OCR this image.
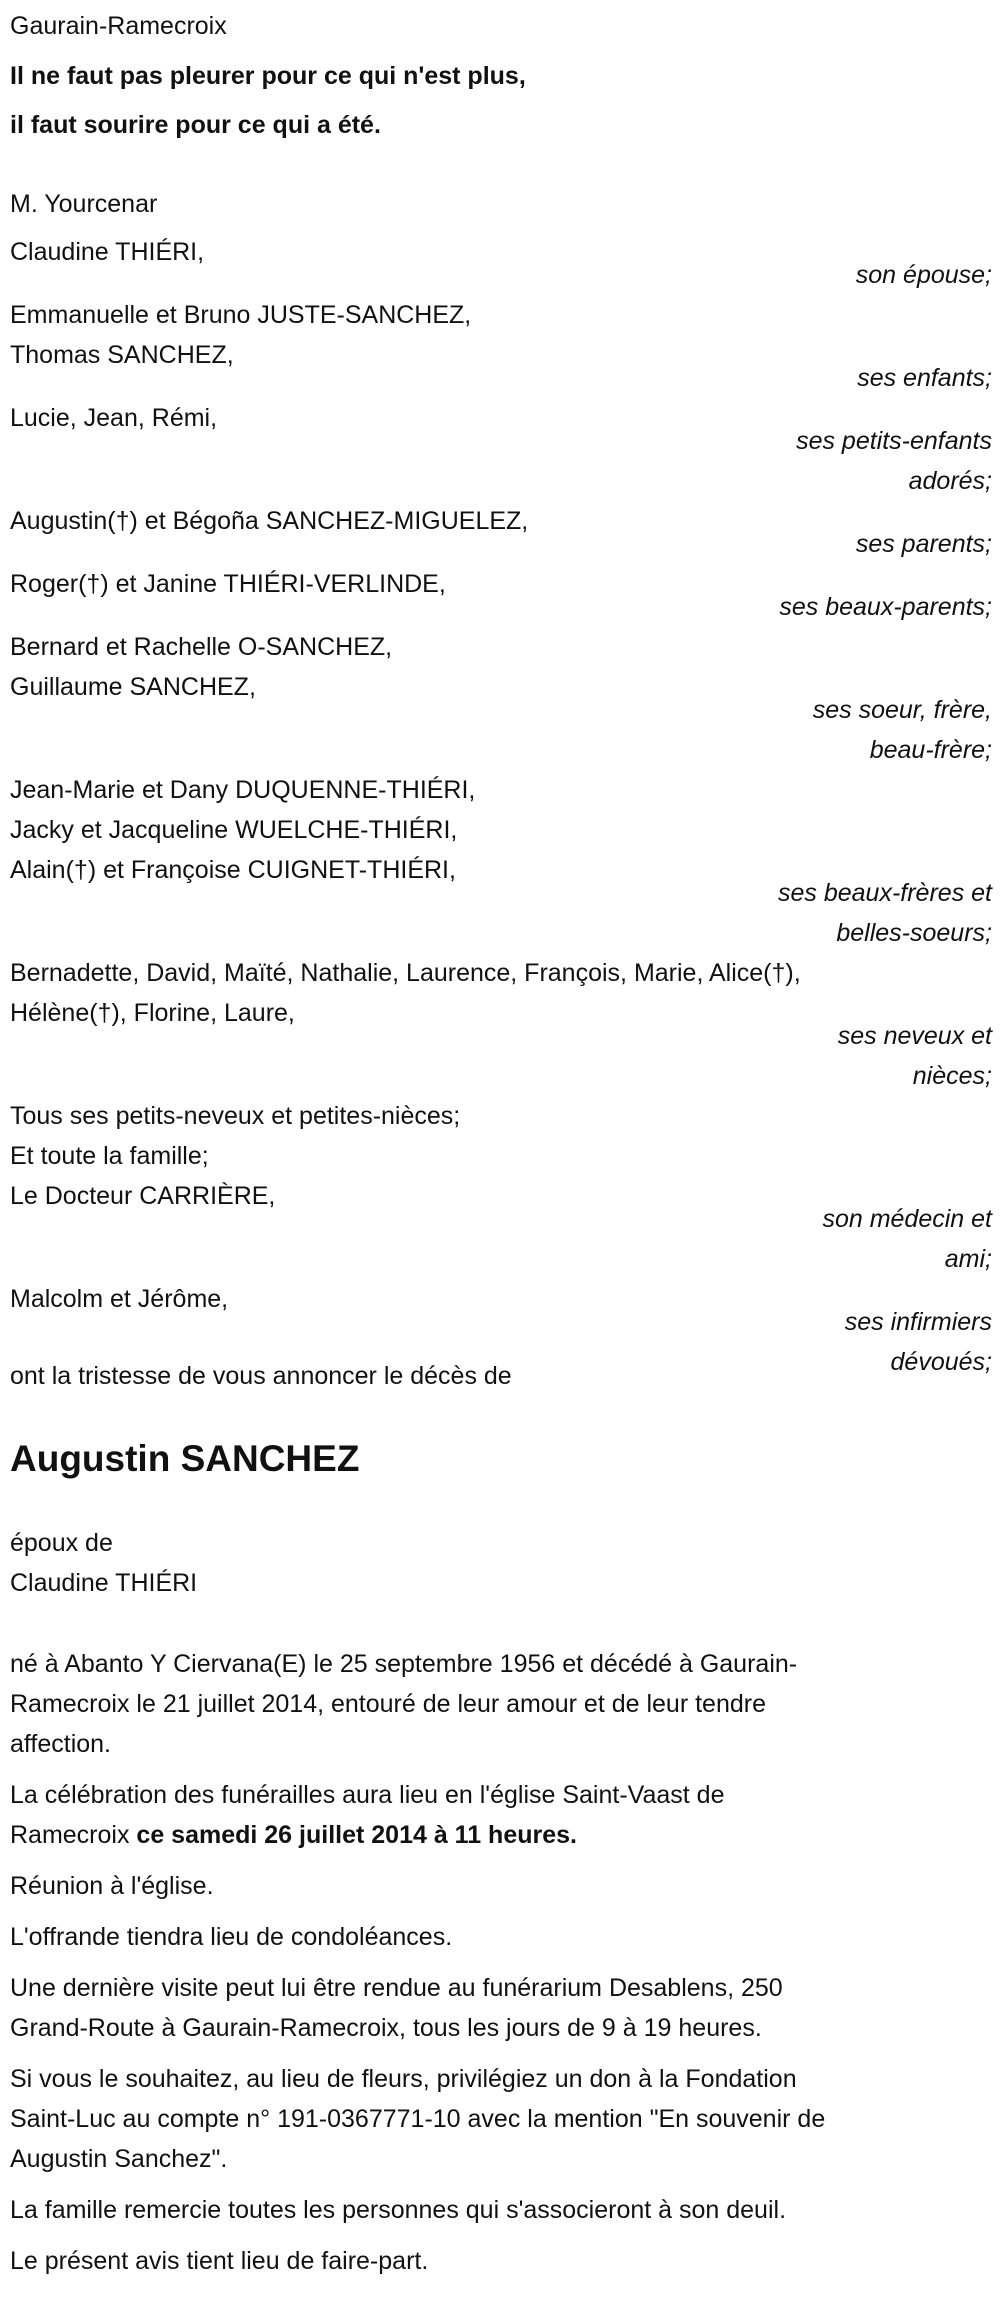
Gaurain-Ramecroix
Il ne faut pas pleurer pour ce qui n'est plus,
il faut sourire pour ce qui a été.
M. Yourcenar
Claudine THIÉRI,
son épouse;
Emmanuelle et Bruno JUSTE-SANCHEZ,
Thomas SANCHEZ,
ses enfants;
Lucie, Jean, Rémi,
ses petits-enfants
adorés;
Augustin(†) et Bégoña SANCHEZ-MIGUELEZ,
ses parents;
Roger(†) et Janine THIÉRI-VERLINDE,
ses beaux-parents;
Bernard et Rachelle O-SANCHEZ,
Guillaume SANCHEZ,
ses soeur, frère,
beau-frère;
Jean-Marie et Dany DUQUENNE-THIÉRI,
Jacky et Jacqueline WUELCHE-THIÉRI,
Alain(†) et Françoise CUIGNET-THIÉRI,
ses beaux-frères et
belles-soeurs;
Bernadette, David, Maïté, Nathalie, Laurence, François, Marie, Alice(†),
Hélène(†), Florine, Laure,
ses neveux et
nièces;
Tous ses petits-neveux et petites-nièces;
Et toute la famille;
Le Docteur CARRIÈRE,
son médecin et
ami;
Malcolm et Jérôme,
ses infirmiers
dévoués;
ont la tristesse de vous annoncer le décès de
Augustin SANCHEZ
époux de
Claudine THIÉRI
né à Abanto Y Ciervana(E) le 25 septembre 1956 et décédé à Gaurain-
Ramecroix le 21 juillet 2014, entouré de leur amour et de leur tendre
affection.
La célébration des funérailles aura lieu en l'église Saint-Vaast de
Ramecroix ce samedi 26 juillet 2014 à 11 heures.
Réunion à l'église.
L'offrande tiendra lieu de condoléances.
Une dernière visite peut lui être rendue au funérarium Desablens, 250
Grand-Route à Gaurain-Ramecroix, tous les jours de 9 à 19 heures.
Si vous le souhaitez, au lieu de fleurs, privilégiez un don à la Fondation
Saint-Luc au compte n° 191-0367771-10 avec la mention "En souvenir de
Augustin Sanchez".
La famille remercie toutes les personnes qui s'associeront à son deuil.
Le présent avis tient lieu de faire-part.
